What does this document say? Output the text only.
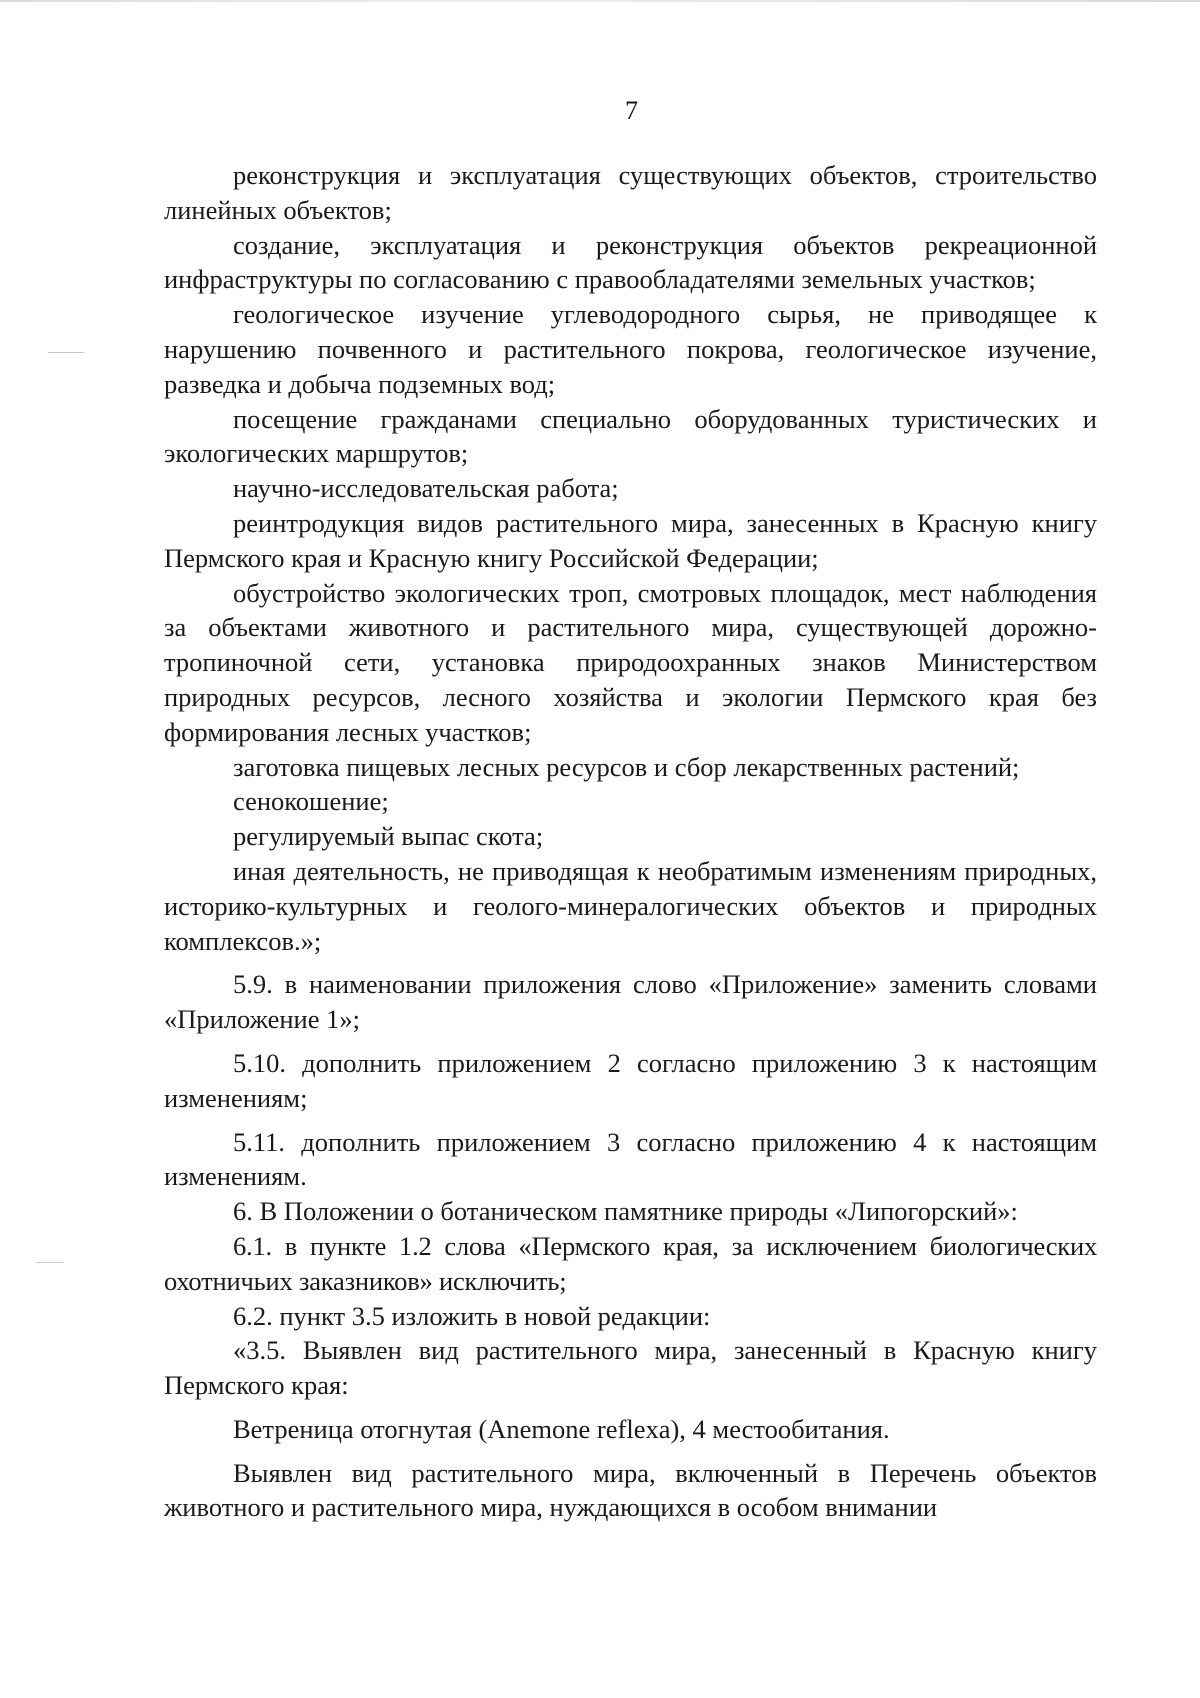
7

реконструкция и эксплуатация существующих объектов, строительство линейных объектов;

создание, эксплуатация и реконструкция объектов рекреационной инфраструктуры по согласованию с правообладателями земельных участков;

геологическое изучение углеводородного сырья, не приводящее к нарушению почвенного и растительного покрова, геологическое изучение, разведка и добыча подземных вод;

посещение гражданами специально оборудованных туристических и экологических маршрутов;

научно-исследовательская работа;

реинтродукция видов растительного мира, занесенных в Красную книгу Пермского края и Красную книгу Российской Федерации;

обустройство экологических троп, смотровых площадок, мест наблюдения за объектами животного и растительного мира, существующей дорожно-тропиночной сети, установка природоохранных знаков Министерством природных ресурсов, лесного хозяйства и экологии Пермского края без формирования лесных участков;

заготовка пищевых лесных ресурсов и сбор лекарственных растений;

сенокошение;

регулируемый выпас скота;

иная деятельность, не приводящая к необратимым изменениям природных, историко-культурных и геолого-минералогических объектов и природных комплексов.»;

5.9. в наименовании приложения слово «Приложение» заменить словами «Приложение 1»;

5.10. дополнить приложением 2 согласно приложению 3 к настоящим изменениям;

5.11. дополнить приложением 3 согласно приложению 4 к настоящим изменениям.

6. В Положении о ботаническом памятнике природы «Липогорский»:

6.1. в пункте 1.2 слова «Пермского края, за исключением биологических охотничьих заказников» исключить;

6.2. пункт 3.5 изложить в новой редакции:

«3.5. Выявлен вид растительного мира, занесенный в Красную книгу Пермского края:

Ветреница отогнутая (Anemone reflexa), 4 местообитания.

Выявлен вид растительного мира, включенный в Перечень объектов животного и растительного мира, нуждающихся в особом внимании
